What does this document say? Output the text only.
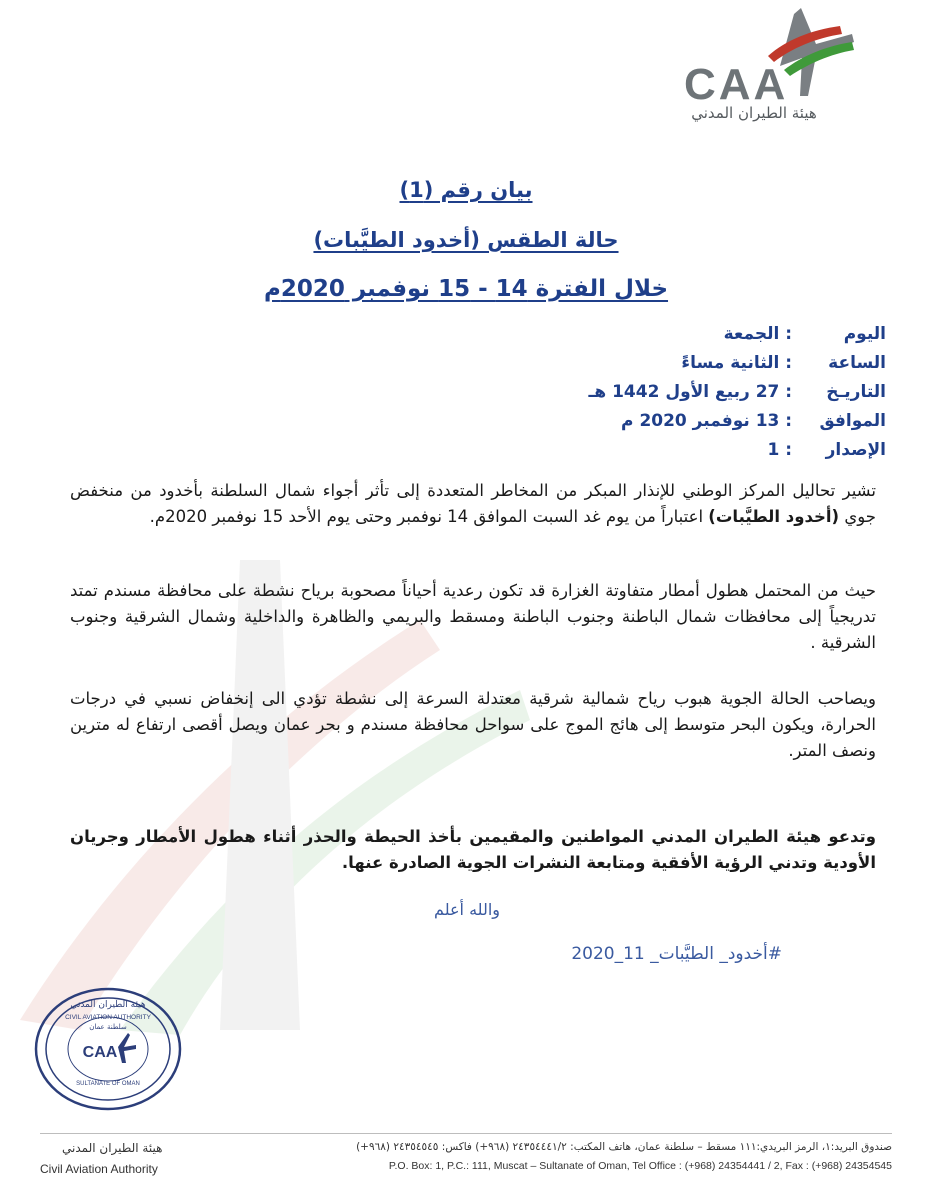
CAA
هيئة الطيران المدني
بيان رقم (1)
حالة الطقس (أخدود الطيَّبات)
خلال الفترة 14 - 15 نوفمبر 2020م
اليوم : الجمعة
الساعة : الثانية مساءً
التاريـخ : 27 ربيع الأول 1442 هـ
الموافق : 13 نوفمبر 2020 م
الإصدار : 1
تشير تحاليل المركز الوطني للإنذار المبكر من المخاطر المتعددة إلى تأثر أجواء شمال السلطنة بأخدود من منخفض جوي (أخدود الطيَّبات) اعتباراً من يوم غد السبت الموافق 14 نوفمبر وحتى يوم الأحد 15 نوفمبر 2020م.
حيث من المحتمل هطول أمطار متفاوتة الغزارة قد تكون رعدية أحياناً مصحوبة برياح نشطة على محافظة مسندم تمتد تدريجياً إلى محافظات شمال الباطنة وجنوب الباطنة ومسقط والبريمي والظاهرة والداخلية وشمال الشرقية وجنوب الشرقية .
ويصاحب الحالة الجوية هبوب رياح شمالية شرقية معتدلة السرعة إلى نشطة تؤدي الى إنخفاض نسبي في درجات الحرارة، ويكون البحر متوسط إلى هائج الموج على سواحل محافظة مسندم و بحر عمان ويصل أقصى ارتفاع له مترين ونصف المتر.
وتدعو هيئة الطيران المدني المواطنين والمقيمين بأخذ الحيطة والحذر أثناء هطول الأمطار وجريان الأودية وتدني الرؤية الأفقية ومتابعة النشرات الجوية الصادرة عنها.
والله أعلم
#أخدود_ الطيَّبات_ 11_2020
هيئة الطيران المدني
CIVIL AVIATION AUTHORITY
سلطنة عمان
CAA
SULTANATE OF OMAN
هيئة الطيران المدني
Civil Aviation Authority
صندوق البريد:١، الرمز البريدي:١١١ مسقط – سلطنة عمان، هاتف المكتب: ٢٤٣٥٤٤٤١/٢ (٩٦٨+) فاكس: ٢٤٣٥٤٥٤٥ (٩٦٨+)
P.O. Box: 1, P.C.: 111, Muscat – Sultanate of Oman, Tel Office : (+968) 24354441 / 2, Fax : (+968) 24354545
